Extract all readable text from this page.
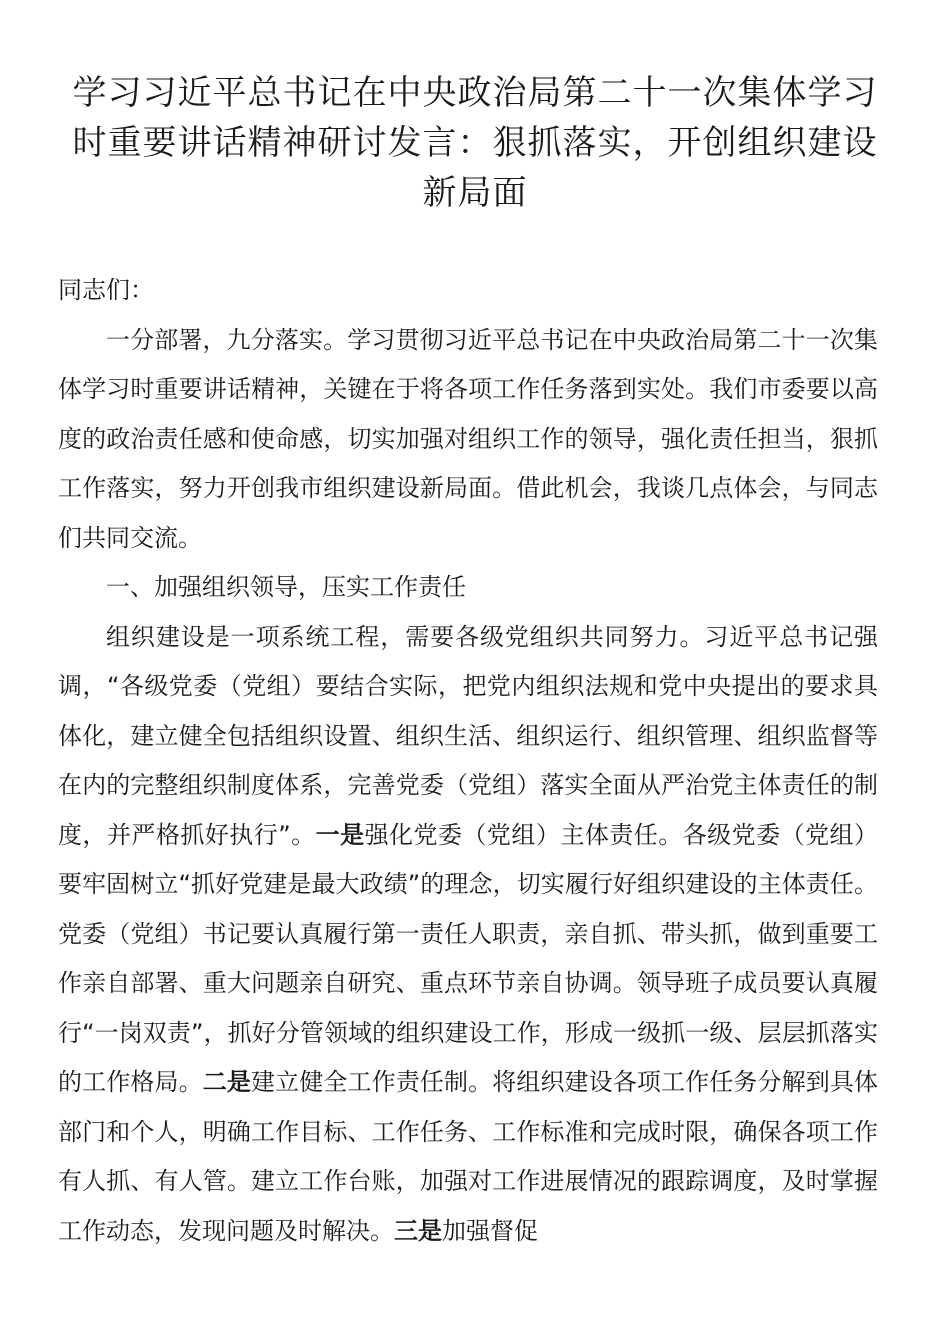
学习习近平总书记在中央政治局第二十一次集体学习时重要讲话精神研讨发言：狠抓落实，开创组织建设新局面

同志们：

一分部署，九分落实。学习贯彻习近平总书记在中央政治局第二十一次集体学习时重要讲话精神，关键在于将各项工作任务落到实处。我们市委要以高度的政治责任感和使命感，切实加强对组织工作的领导，强化责任担当，狠抓工作落实，努力开创我市组织建设新局面。借此机会，我谈几点体会，与同志们共同交流。

一、加强组织领导，压实工作责任

组织建设是一项系统工程，需要各级党组织共同努力。习近平总书记强调，“各级党委（党组）要结合实际，把党内组织法规和党中央提出的要求具体化，建立健全包括组织设置、组织生活、组织运行、组织管理、组织监督等在内的完整组织制度体系，完善党委（党组）落实全面从严治党主体责任的制度，并严格抓好执行”。一是强化党委（党组）主体责任。各级党委（党组）要牢固树立“抓好党建是最大政绩”的理念，切实履行好组织建设的主体责任。党委（党组）书记要认真履行第一责任人职责，亲自抓、带头抓，做到重要工作亲自部署、重大问题亲自研究、重点环节亲自协调。领导班子成员要认真履行“一岗双责”，抓好分管领域的组织建设工作，形成一级抓一级、层层抓落实的工作格局。二是建立健全工作责任制。将组织建设各项工作任务分解到具体部门和个人，明确工作目标、工作任务、工作标准和完成时限，确保各项工作有人抓、有人管。建立工作台账，加强对工作进展情况的跟踪调度，及时掌握工作动态，发现问题及时解决。三是加强督促
